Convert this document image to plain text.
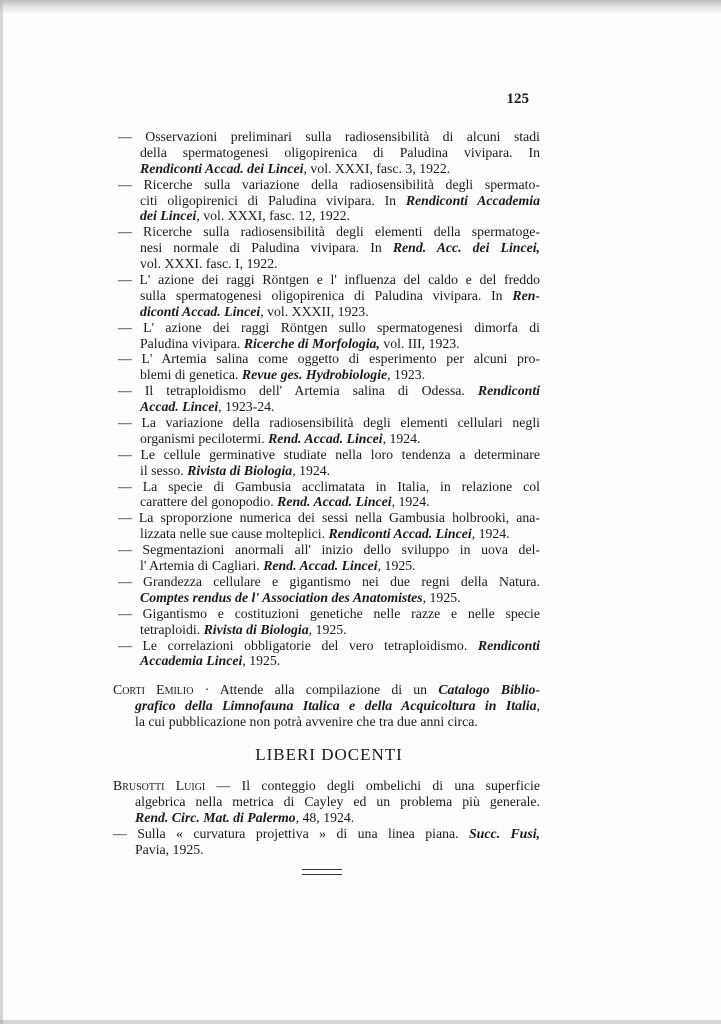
125
— Osservazioni preliminari sulla radiosensibilità di alcuni stadi
della spermatogenesi oligopirenica di Paludina vivipara. In
Rendiconti Accad. dei Lincei, vol. XXXI, fasc. 3, 1922.
— Ricerche sulla variazione della radiosensibilità degli spermato-
citi oligopirenici di Paludina vivipara. In Rendiconti Accademia
dei Lincei, vol. XXXI, fasc. 12, 1922.
— Ricerche sulla radiosensibilità degli elementi della spermatoge-
nesi normale di Paludina vivipara. In Rend. Acc. dei Lincei,
vol. XXXI. fasc. I, 1922.
— L' azione dei raggi Röntgen e l' influenza del caldo e del freddo
sulla spermatogenesi oligopirenica di Paludina vivipara. In Ren-
diconti Accad. Lincei, vol. XXXII, 1923.
— L' azione dei raggi Röntgen sullo spermatogenesi dimorfa di
Paludina vivipara. Ricerche di Morfologia, vol. III, 1923.
— L' Artemia salina come oggetto di esperimento per alcuni pro-
blemi di genetica. Revue ges. Hydrobiologie, 1923.
— Il tetraploidismo dell' Artemia salina di Odessa. Rendiconti
Accad. Lincei, 1923-24.
— La variazione della radiosensibilità degli elementi cellulari negli
organismi pecilotermi. Rend. Accad. Lincei, 1924.
— Le cellule germinative studiate nella loro tendenza a determinare
il sesso. Rivista di Biologia, 1924.
— La specie di Gambusia acclimatata in Italia, in relazione col
carattere del gonopodio. Rend. Accad. Lincei, 1924.
— La sproporzione numerica dei sessi nella Gambusia holbrooki, ana-
lizzata nelle sue cause molteplici. Rendiconti Accad. Lincei, 1924.
— Segmentazioni anormali all' inizio dello sviluppo in uova del-
l' Artemia di Cagliari. Rend. Accad. Lincei, 1925.
— Grandezza cellulare e gigantismo nei due regni della Natura.
Comptes rendus de l' Association des Anatomistes, 1925.
— Gigantismo e costituzioni genetiche nelle razze e nelle specie
tetraploidi. Rivista di Biologia, 1925.
— Le correlazioni obbligatorie del vero tetraploidismo. Rendiconti
Accademia Lincei, 1925.
Corti Emilio · Attende alla compilazione di un Catalogo Biblio-
grafico della Limnofauna Italica e della Acquicoltura in Italia,
la cui pubblicazione non potrà avvenire che tra due anni circa.
LIBERI DOCENTI
Brusotti Luigi — Il conteggio degli ombelichi di una superficie
algebrica nella metrica di Cayley ed un problema più generale.
Rend. Circ. Mat. di Palermo, 48, 1924.
— Sulla « curvatura projettiva » di una linea piana. Succ. Fusi,
Pavia, 1925.
